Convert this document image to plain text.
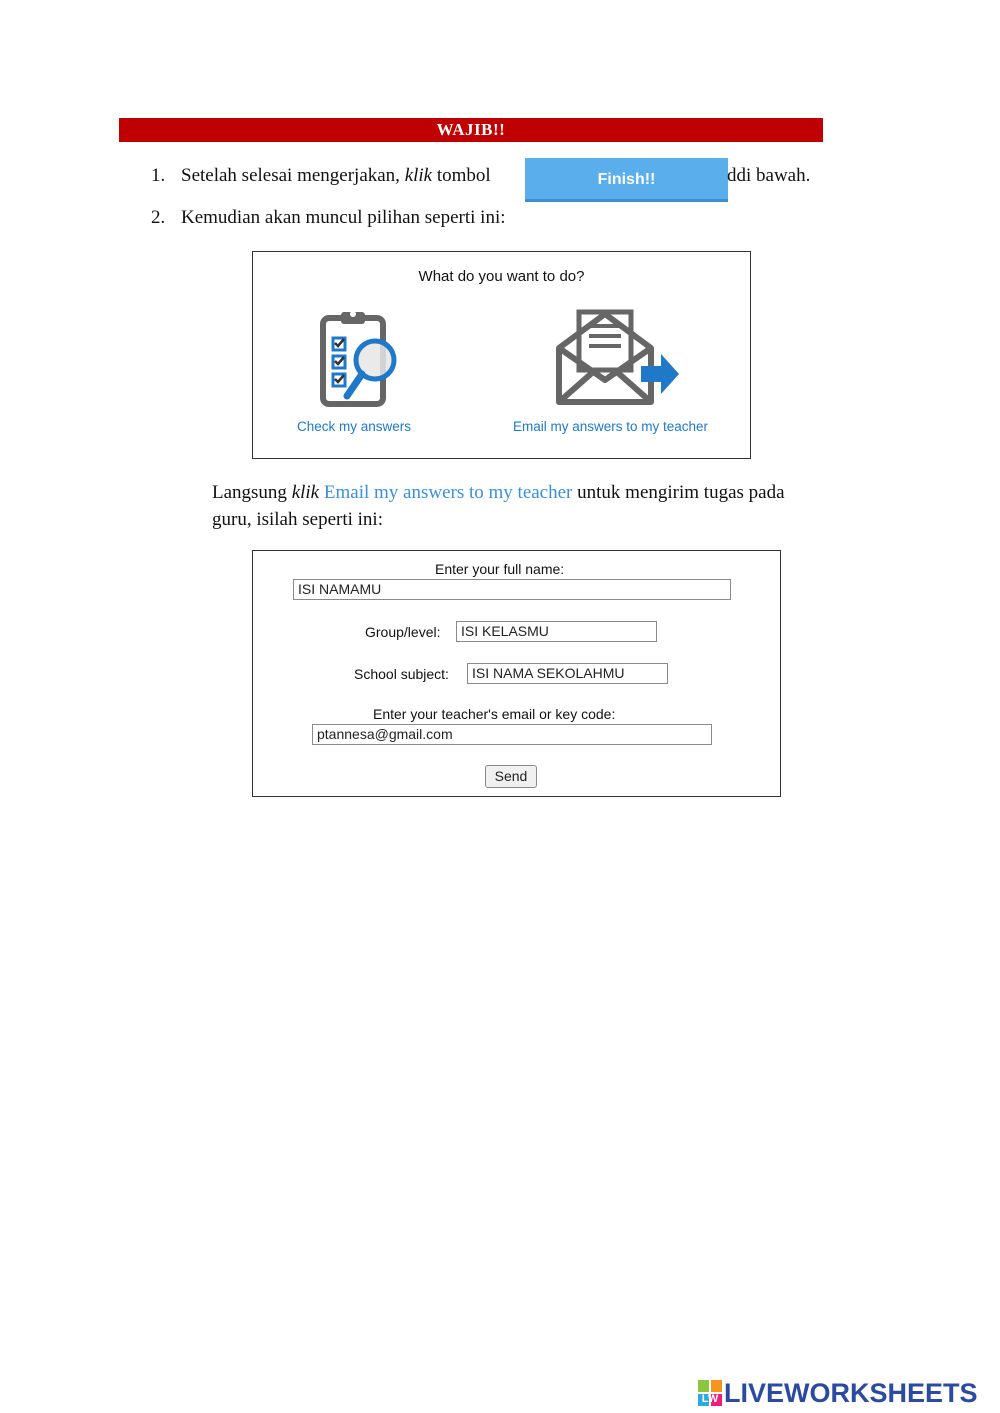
WAJIB!!
1. Setelah selesai mengerjakan, klik tombol	Finish!!	ddi bawah.
2. Kemudian akan muncul pilihan seperti ini:
What do you want to do?
Check my answers	Email my answers to my teacher
Langsung klik Email my answers to my teacher untuk mengirim tugas pada guru, isilah seperti ini:
Enter your full name:
ISI NAMAMU
Group/level:	ISI KELASMU
School subject:	ISI NAMA SEKOLAHMU
Enter your teacher's email or key code:
ptannesa@gmail.com
Send
LW LIVEWORKSHEETS
